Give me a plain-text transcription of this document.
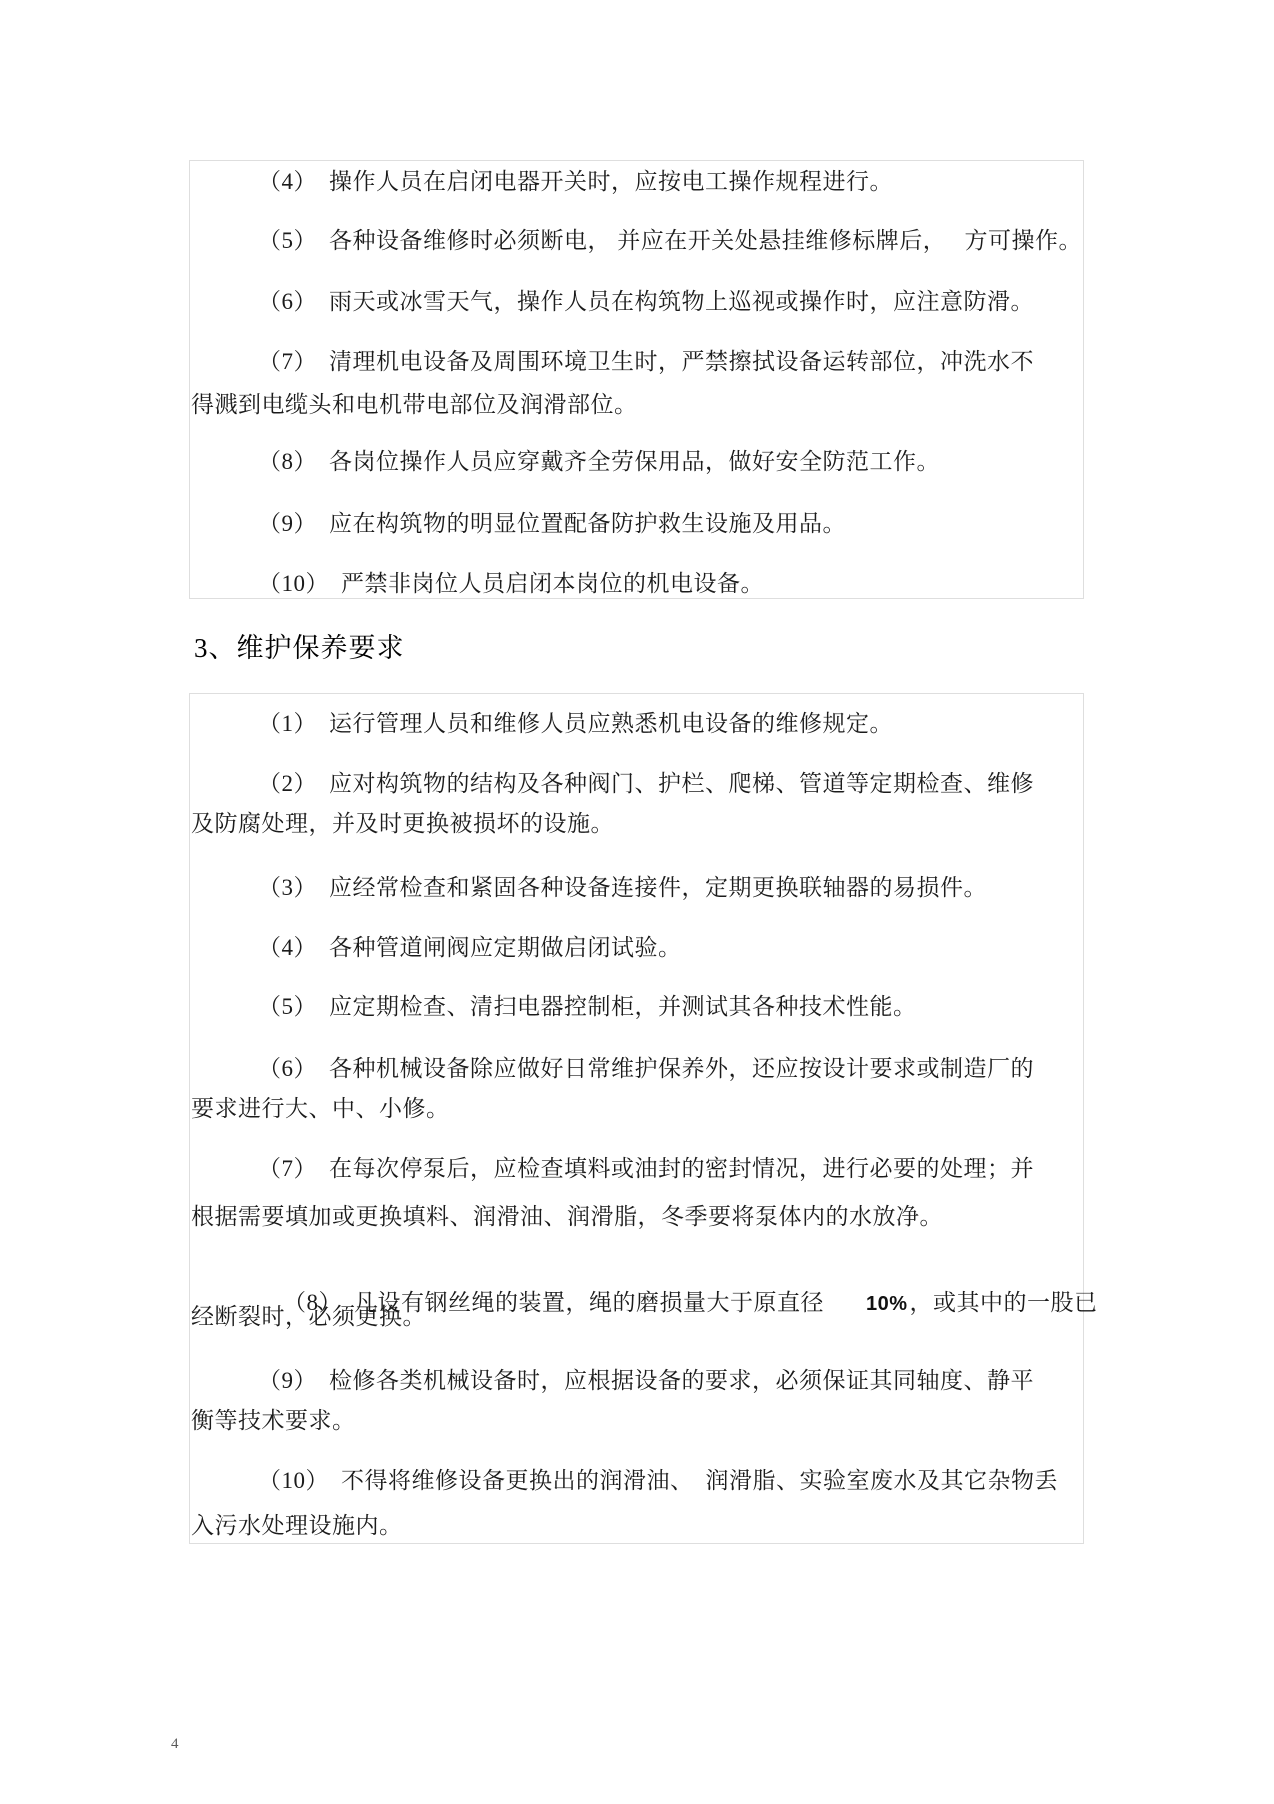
（4）　操作人员在启闭电器开关时，应按电工操作规程进行。
（5）　各种设备维修时必须断电， 并应在开关处悬挂维修标牌后，　 方可操作。
（6）　雨天或冰雪天气，操作人员在构筑物上巡视或操作时，应注意防滑。
（7）　清理机电设备及周围环境卫生时，严禁擦拭设备运转部位，冲洗水不
得溅到电缆头和电机带电部位及润滑部位。
（8）　各岗位操作人员应穿戴齐全劳保用品，做好安全防范工作。
（9）　应在构筑物的明显位置配备防护救生设施及用品。
（10）　严禁非岗位人员启闭本岗位的机电设备。
3、维护保养要求
（1）　运行管理人员和维修人员应熟悉机电设备的维修规定。
（2）　应对构筑物的结构及各种阀门、护栏、爬梯、管道等定期检查、维修
及防腐处理，并及时更换被损坏的设施。
（3）　应经常检查和紧固各种设备连接件，定期更换联轴器的易损件。
（4）　各种管道闸阀应定期做启闭试验。
（5）　应定期检查、清扫电器控制柜，并测试其各种技术性能。
（6）　各种机械设备除应做好日常维护保养外，还应按设计要求或制造厂的
要求进行大、中、小修。
（7）　在每次停泵后，应检查填料或油封的密封情况，进行必要的处理；并
根据需要填加或更换填料、润滑油、润滑脂，冬季要将泵体内的水放净。

（8）　凡设有钢丝绳的装置，绳的磨损量大于原直径 10%，或其中的一股已

经断裂时，必须更换。
（9）　检修各类机械设备时，应根据设备的要求，必须保证其同轴度、静平
衡等技术要求。
（10）　不得将维修设备更换出的润滑油、　润滑脂、实验室废水及其它杂物丢
入污水处理设施内。
4
